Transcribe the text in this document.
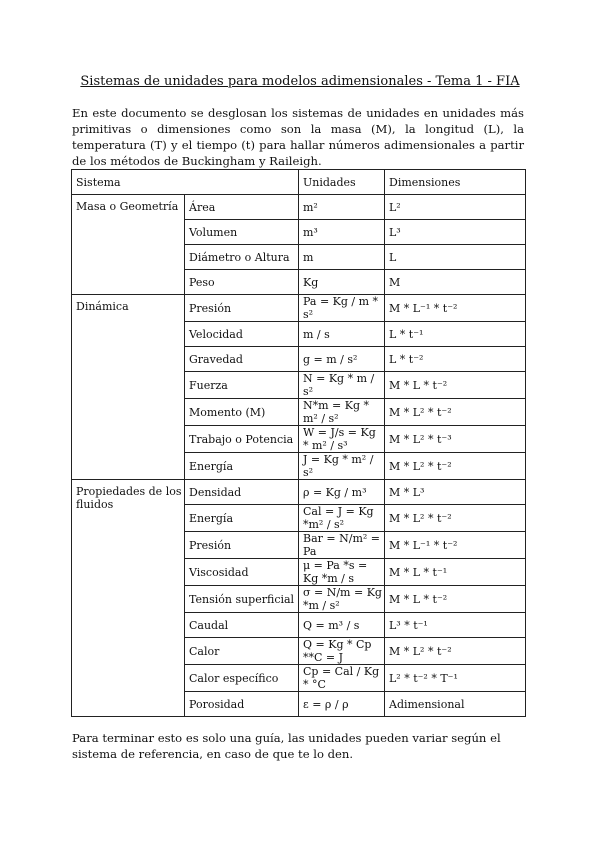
Sistemas de unidades para modelos adimensionales - Tema 1 - FIA
En este documento se desglosan los sistemas de unidades en unidades más primitivas o dimensiones como son la masa (M), la longitud (L), la temperatura (T) y el tiempo (t) para hallar números adimensionales a partir de los métodos de Buckingham y Raileigh.
Sistema		Unidades	Dimensiones
Masa o Geometría	Área	m²	L²
	Volumen	m³	L³
	Diámetro o Altura	m	L
	Peso	Kg	M
Dinámica	Presión	Pa = Kg / m * s²	M * L⁻¹ * t⁻²
	Velocidad	m / s	L * t⁻¹
	Gravedad	g = m / s²	L * t⁻²
	Fuerza	N = Kg * m / s²	M * L * t⁻²
	Momento (M)	N*m = Kg * m² / s²	M * L² * t⁻²
	Trabajo o Potencia	W = J/s = Kg * m² / s³	M * L² * t⁻³
	Energía	J = Kg * m² / s²	M * L² * t⁻²
Propiedades de los fluidos	Densidad	ρ = Kg / m³	M * L³
	Energía	Cal = J = Kg *m² / s²	M * L² * t⁻²
	Presión	Bar = N/m² = Pa	M * L⁻¹ * t⁻²
	Viscosidad	μ = Pa *s = Kg *m / s	M * L * t⁻¹
	Tensión superficial	σ = N/m = Kg *m / s²	M * L * t⁻²
	Caudal	Q = m³ / s	L³ * t⁻¹
	Calor	Q = Kg * Cp **C = J	M * L² * t⁻²
	Calor específico	Cp = Cal / Kg * °C	L² * t⁻² * T⁻¹
	Porosidad	ε = ρ / ρ	Adimensional
Para terminar esto es solo una guía, las unidades pueden variar según el sistema de referencia, en caso de que te lo den.
